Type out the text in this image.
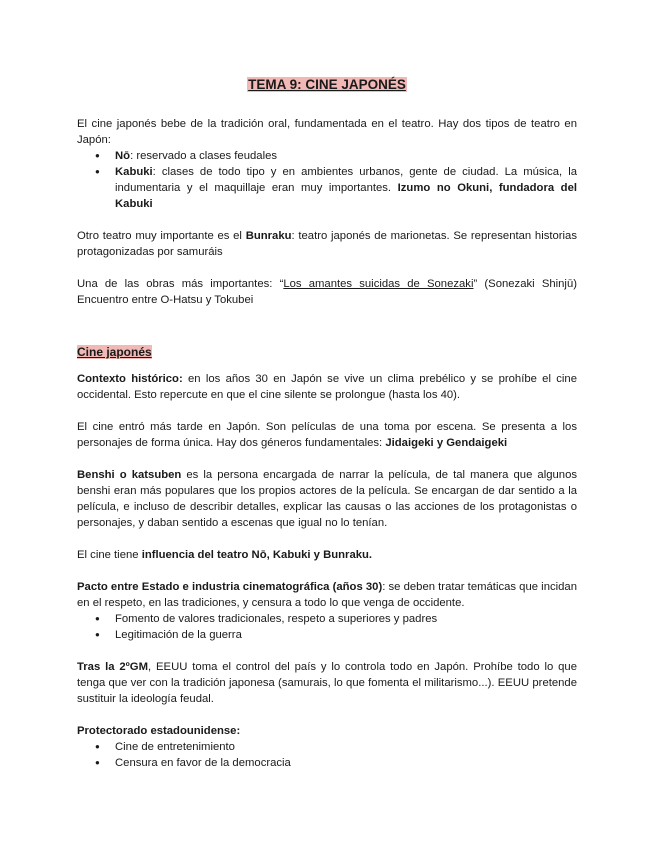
TEMA 9: CINE JAPONÉS

El cine japonés bebe de la tradición oral, fundamentada en el teatro. Hay dos tipos de teatro en Japón:

● Nō: reservado a clases feudales
● Kabuki: clases de todo tipo y en ambientes urbanos, gente de ciudad. La música, la indumentaria y el maquillaje eran muy importantes. Izumo no Okuni, fundadora del Kabuki

Otro teatro muy importante es el Bunraku: teatro japonés de marionetas. Se representan historias protagonizadas por samuráis

Una de las obras más importantes: “Los amantes suicidas de Sonezaki” (Sonezaki Shinjū) Encuentro entre O-Hatsu y Tokubei

Cine japonés

Contexto histórico: en los años 30 en Japón se vive un clima prebélico y se prohíbe el cine occidental. Esto repercute en que el cine silente se prolongue (hasta los 40).

El cine entró más tarde en Japón. Son películas de una toma por escena. Se presenta a los personajes de forma única. Hay dos géneros fundamentales: Jidaigeki y Gendaigeki

Benshi o katsuben es la persona encargada de narrar la película, de tal manera que algunos benshi eran más populares que los propios actores de la película. Se encargan de dar sentido a la película, e incluso de describir detalles, explicar las causas o las acciones de los protagonistas o personajes, y daban sentido a escenas que igual no lo tenían.

El cine tiene influencia del teatro Nō, Kabuki y Bunraku.

Pacto entre Estado e industria cinematográfica (años 30): se deben tratar temáticas que incidan en el respeto, en las tradiciones, y censura a todo lo que venga de occidente.

● Fomento de valores tradicionales, respeto a superiores y padres
● Legitimación de la guerra

Tras la 2ºGM, EEUU toma el control del país y lo controla todo en Japón. Prohíbe todo lo que tenga que ver con la tradición japonesa (samurais, lo que fomenta el militarismo...). EEUU pretende sustituir la ideología feudal.

Protectorado estadounidense:

● Cine de entretenimiento
● Censura en favor de la democracia
